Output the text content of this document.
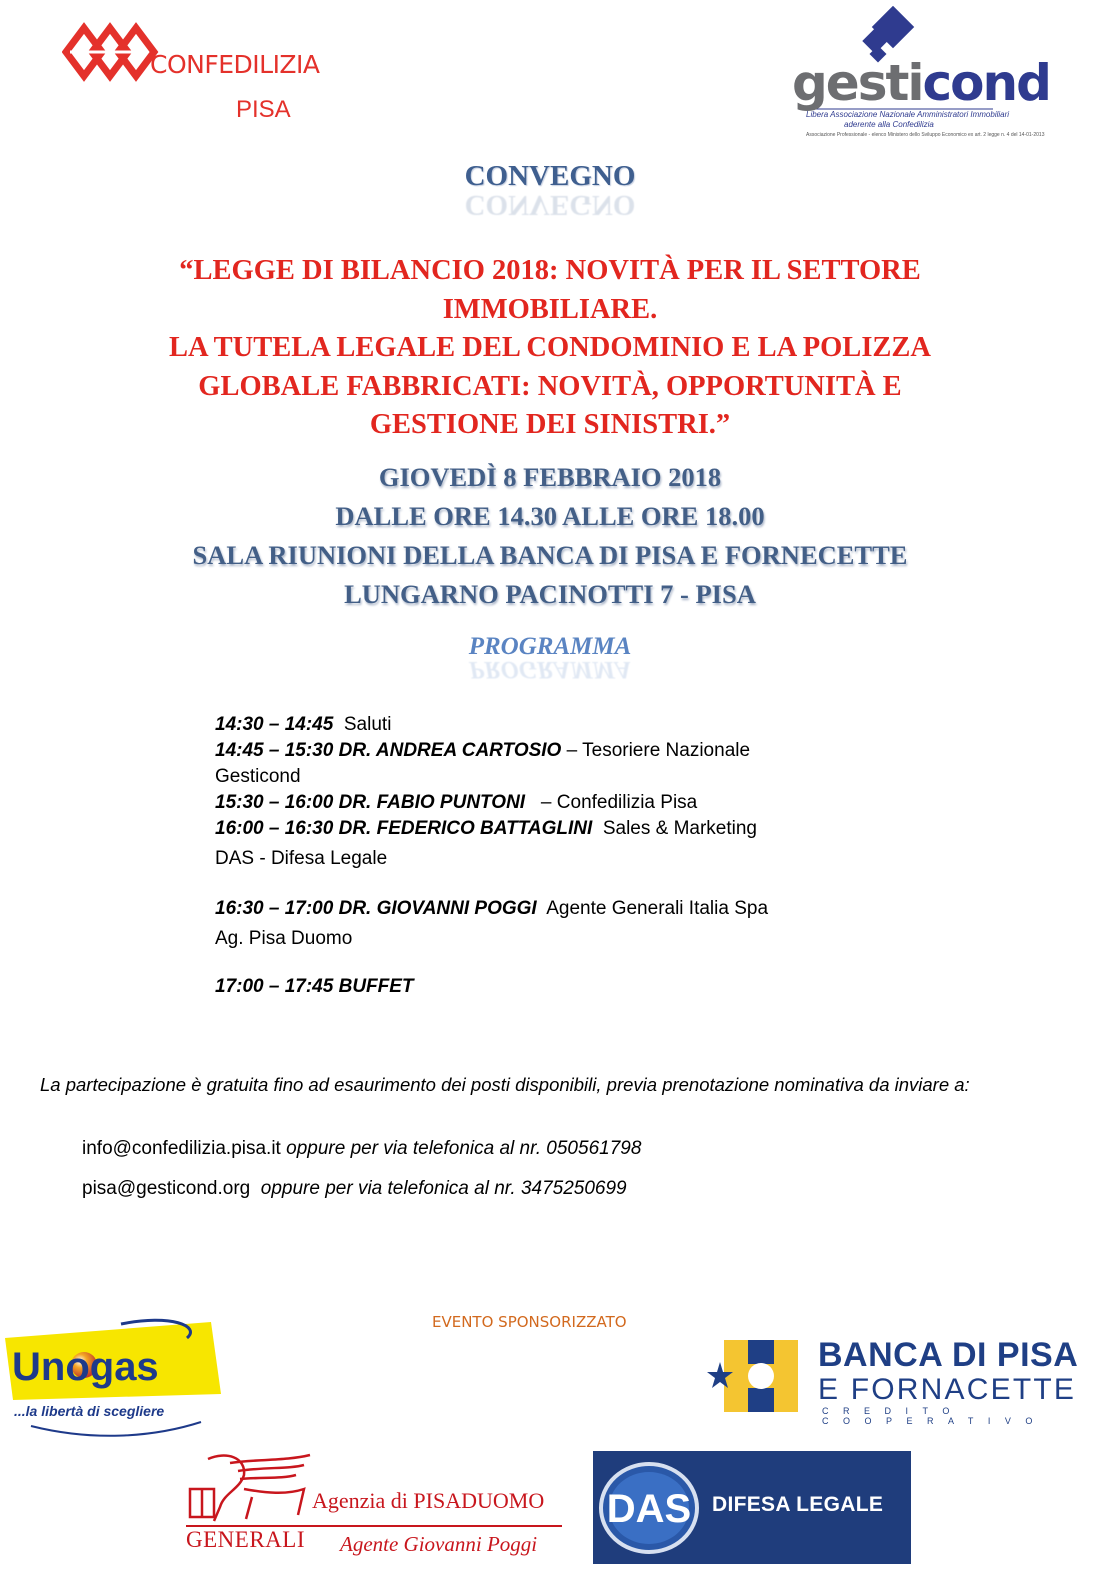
CONFEDILIZIA
PISA	gesticond
Libera Associazione Nazionale Amministratori Immobiliari
aderente alla Confedilizia
Associazione Professionale - elenco Ministero dello Sviluppo Economico ex art. 2 legge n. 4 del 14-01-2013
CONVEGNO
CONVEGNO
“LEGGE DI BILANCIO 2018: NOVITÀ PER IL SETTORE
IMMOBILIARE.
LA TUTELA LEGALE DEL CONDOMINIO E LA POLIZZA
GLOBALE FABBRICATI: NOVITÀ, OPPORTUNITÀ E
GESTIONE DEI SINISTRI.”
GIOVEDÌ 8 FEBBRAIO 2018
DALLE ORE 14.30 ALLE ORE 18.00
SALA RIUNIONI DELLA BANCA DI PISA E FORNECETTE
LUNGARNO PACINOTTI 7 - PISA
PROGRAMMA
PROGRAMMA

14:30 – 14:45  Saluti

14:45 – 15:30 DR. ANDREA CARTOSIO – Tesoriere Nazionale

Gesticond

15:30 – 16:00 DR. FABIO PUNTONI   – Confedilizia Pisa

16:00 – 16:30 DR. FEDERICO BATTAGLINI  Sales & Marketing

DAS - Difesa Legale

16:30 – 17:00 DR. GIOVANNI POGGI  Agente Generali Italia Spa

Ag. Pisa Duomo

17:00 – 17:45 BUFFET

La partecipazione è gratuita fino ad esaurimento dei posti disponibili, previa prenotazione nominativa da inviare a:
info@confedilizia.pisa.it oppure per via telefonica al nr. 050561798
pisa@gesticond.org  oppure per via telefonica al nr. 3475250699
EVENTO SPONSORIZZATO
Unogas
...la libertà di scegliere
BANCA DI PISA
E FORNACETTE
CREDITO COOPERATIVO
Agenzia di PISADUOMO
GENERALI Agente Giovanni Poggi
DAS DIFESA LEGALE
